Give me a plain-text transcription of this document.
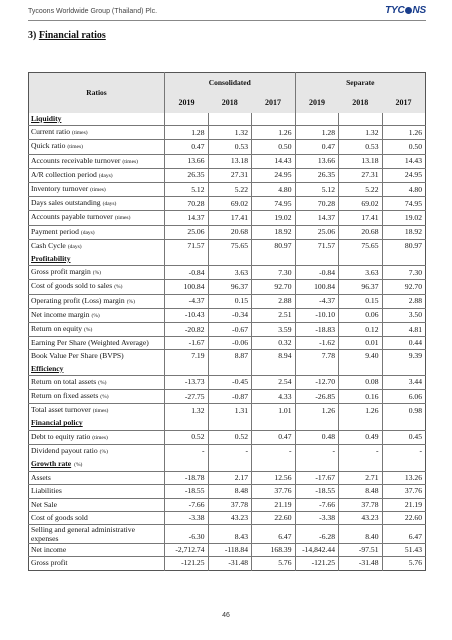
Tycoons Worldwide Group (Thailand) Plc.	TYC NS
3) Financial ratios
Ratios	Consolidated			Separate		
	2019	2018	2017	2019	2018	2017
Liquidity						
Current ratio (times)	1.28	1.32	1.26	1.28	1.32	1.26
Quick ratio (times)	0.47	0.53	0.50	0.47	0.53	0.50
Accounts receivable turnover (times)	13.66	13.18	14.43	13.66	13.18	14.43
A/R collection period (days)	26.35	27.31	24.95	26.35	27.31	24.95
Inventory turnover (times)	5.12	5.22	4.80	5.12	5.22	4.80
Days sales outstanding (days)	70.28	69.02	74.95	70.28	69.02	74.95
Accounts payable turnover (times)	14.37	17.41	19.02	14.37	17.41	19.02
Payment period (days)	25.06	20.68	18.92	25.06	20.68	18.92
Cash Cycle (days)	71.57	75.65	80.97	71.57	75.65	80.97
Profitability						
Gross profit margin (%)	-0.84	3.63	7.30	-0.84	3.63	7.30
Cost of goods sold to sales (%)	100.84	96.37	92.70	100.84	96.37	92.70
Operating profit (Loss) margin (%)	-4.37	0.15	2.88	-4.37	0.15	2.88
Net income margin (%)	-10.43	-0.34	2.51	-10.10	0.06	3.50
Return on equity (%)	-20.82	-0.67	3.59	-18.83	0.12	4.81
Earning Per Share (Weighted Average)	-1.67	-0.06	0.32	-1.62	0.01	0.44
Book Value Per Share (BVPS)	7.19	8.87	8.94	7.78	9.40	9.39
Efficiency						
Return on total assets (%)	-13.73	-0.45	2.54	-12.70	0.08	3.44
Return on fixed assets (%)	-27.75	-0.87	4.33	-26.85	0.16	6.06
Total asset turnover (times)	1.32	1.31	1.01	1.26	1.26	0.98
Financial policy						
Debt to equity ratio (times)	0.52	0.52	0.47	0.48	0.49	0.45
Dividend payout ratio (%)	-	-	-	-	-	-
Growth rate (%)						
Assets	-18.78	2.17	12.56	-17.67	2.71	13.26
Liabilities	-18.55	8.48	37.76	-18.55	8.48	37.76
Net Sale	-7.66	37.78	21.19	-7.66	37.78	21.19
Cost of goods sold	-3.38	43.23	22.60	-3.38	43.23	22.60
Selling and general administrative expenses	-6.30	8.43	6.47	-6.28	8.40	6.47
Net income	-2,712.74	-118.84	168.39	-14,842.44	-97.51	51.43
Gross profit	-121.25	-31.48	5.76	-121.25	-31.48	5.76
46
